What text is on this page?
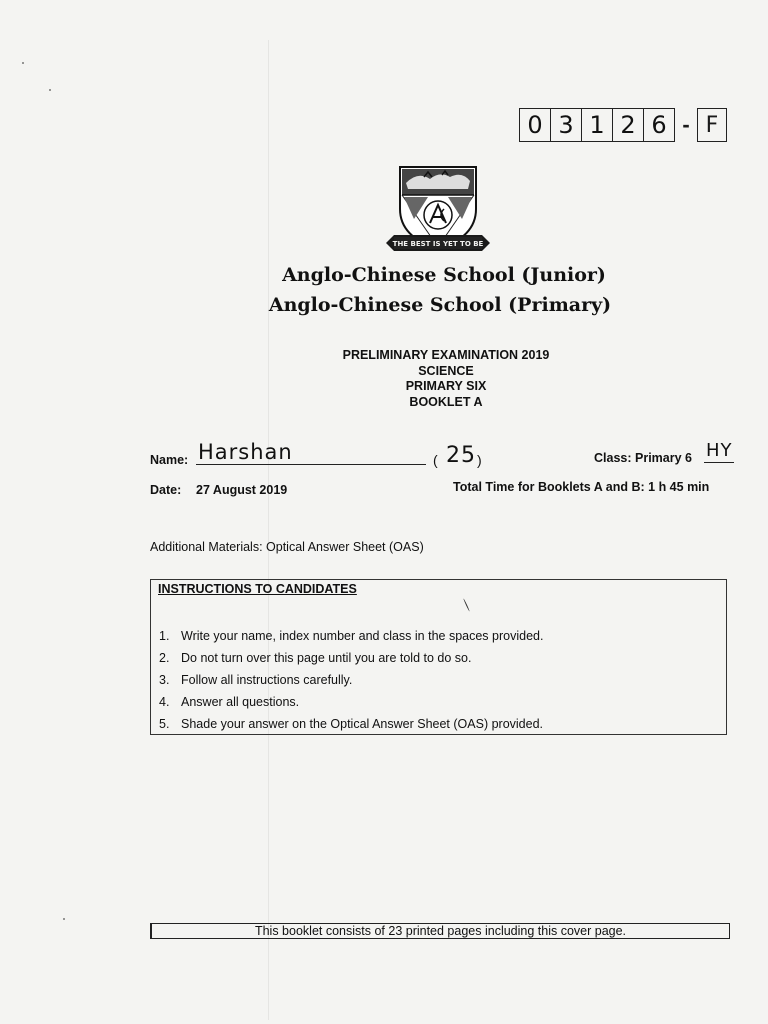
0 3 1 2 6 - F
THE BEST IS YET TO BE
Anglo-Chinese School (Junior)
Anglo-Chinese School (Primary)
PRELIMINARY EXAMINATION 2019
SCIENCE
PRIMARY SIX
BOOKLET A
Name: Harshan	( 25 )	Class: Primary 6 HY
Date: 27 August 2019	Total Time for Booklets A and B: 1 h 45 min
Additional Materials: Optical Answer Sheet (OAS)
INSTRUCTIONS TO CANDIDATES
1. Write your name, index number and class in the spaces provided.
2. Do not turn over this page until you are told to do so.
3. Follow all instructions carefully.
4. Answer all questions.
5. Shade your answer on the Optical Answer Sheet (OAS) provided.
This booklet consists of 23 printed pages including this cover page.
